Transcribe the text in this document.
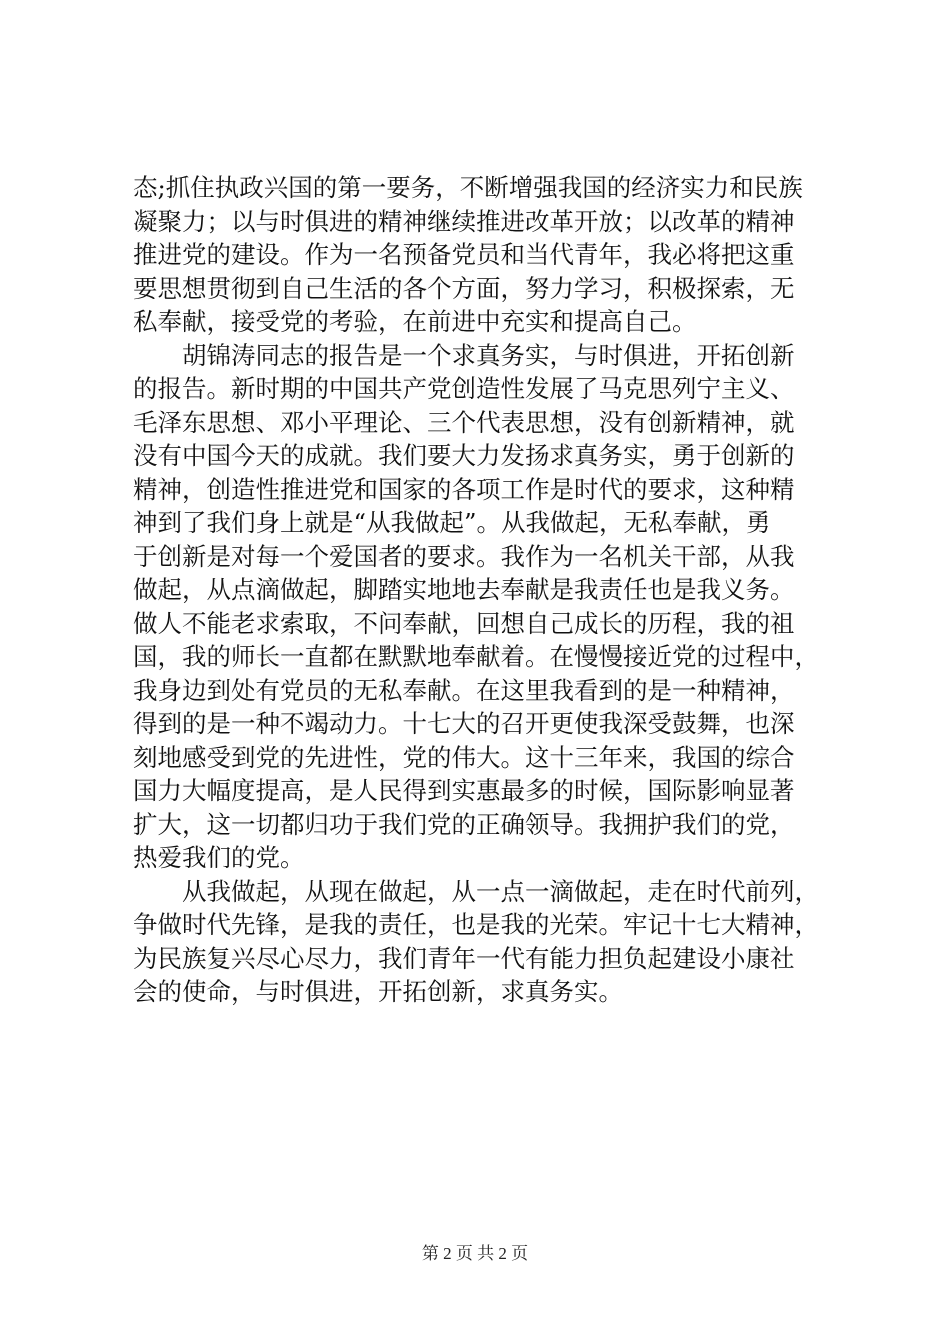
态;抓住执政兴国的第一要务，不断增强我国的经济实力和民族
凝聚力；以与时俱进的精神继续推进改革开放；以改革的精神
推进党的建设。作为一名预备党员和当代青年，我必将把这重
要思想贯彻到自己生活的各个方面，努力学习，积极探索，无
私奉献，接受党的考验，在前进中充实和提高自己。
　　胡锦涛同志的报告是一个求真务实，与时俱进，开拓创新
的报告。新时期的中国共产党创造性发展了马克思列宁主义、
毛泽东思想、邓小平理论、三个代表思想，没有创新精神，就
没有中国今天的成就。我们要大力发扬求真务实，勇于创新的
精神，创造性推进党和国家的各项工作是时代的要求，这种精
神到了我们身上就是“从我做起”。从我做起，无私奉献，勇
于创新是对每一个爱国者的要求。我作为一名机关干部，从我
做起，从点滴做起，脚踏实地地去奉献是我责任也是我义务。
做人不能老求索取，不问奉献，回想自己成长的历程，我的祖
国，我的师长一直都在默默地奉献着。在慢慢接近党的过程中，
我身边到处有党员的无私奉献。在这里我看到的是一种精神，
得到的是一种不竭动力。十七大的召开更使我深受鼓舞，也深
刻地感受到党的先进性，党的伟大。这十三年来，我国的综合
国力大幅度提高，是人民得到实惠最多的时候，国际影响显著
扩大，这一切都归功于我们党的正确领导。我拥护我们的党，
热爱我们的党。
　　从我做起，从现在做起，从一点一滴做起，走在时代前列，
争做时代先锋，是我的责任，也是我的光荣。牢记十七大精神，
为民族复兴尽心尽力，我们青年一代有能力担负起建设小康社
会的使命，与时俱进，开拓创新，求真务实。
第 2 页 共 2 页
